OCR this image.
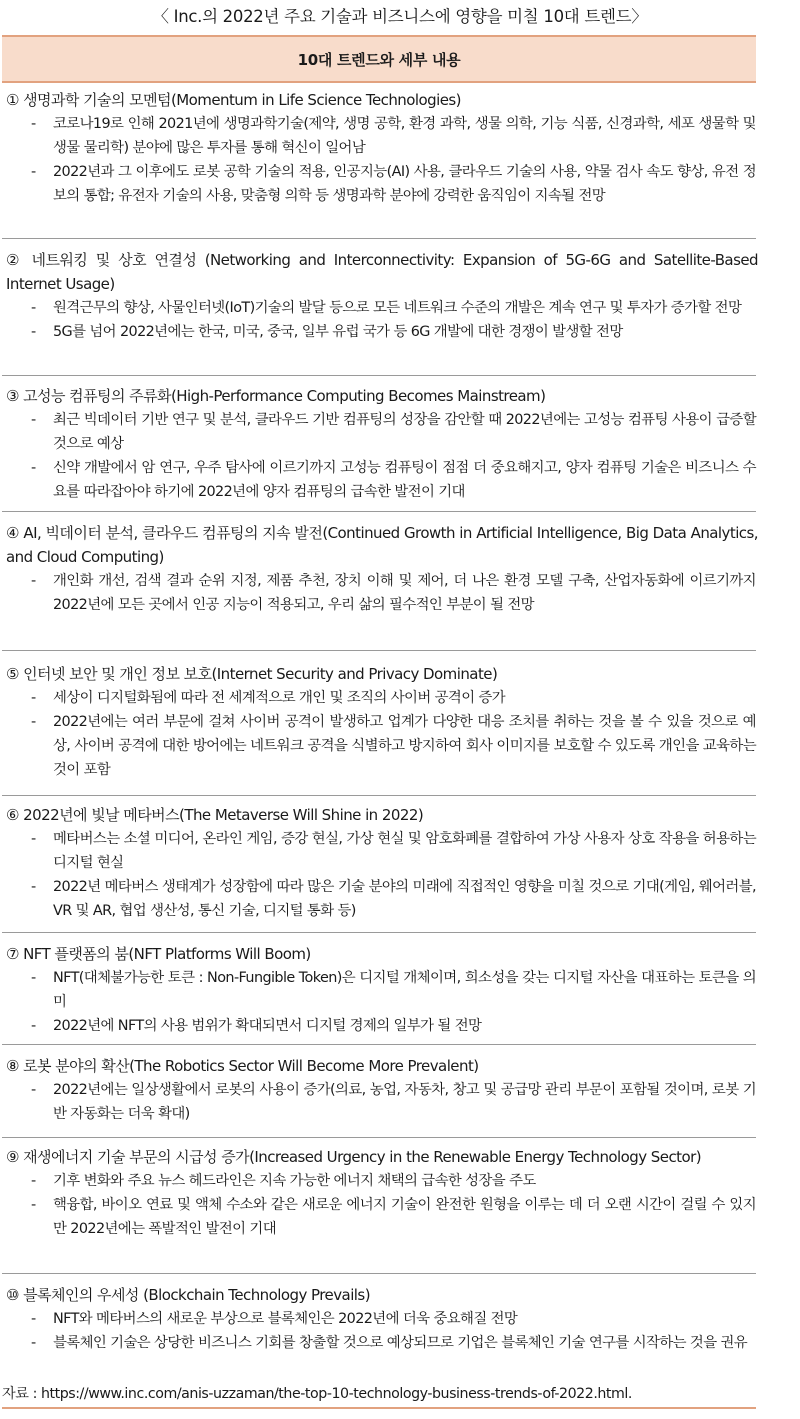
〈 Inc.의 2022년 주요 기술과 비즈니스에 영향을 미칠 10대 트렌드〉
10대 트렌드와 세부 내용
① 생명과학 기술의 모멘텀(Momentum in Life Science Technologies)
- 코로나19로 인해 2021년에 생명과학기술(제약, 생명 공학, 환경 과학, 생물 의학, 기능 식품, 신경과학, 세포 생물학 및 생물 물리학) 분야에 많은 투자를 통해 혁신이 일어남
- 2022년과 그 이후에도 로봇 공학 기술의 적용, 인공지능(AI) 사용, 클라우드 기술의 사용, 약물 검사 속도 향상, 유전 정보의 통합; 유전자 기술의 사용, 맞춤형 의학 등 생명과학 분야에 강력한 움직임이 지속될 전망
② 네트워킹 및 상호 연결성 (Networking and Interconnectivity: Expansion of 5G-6G and Satellite-Based Internet Usage)
- 원격근무의 향상, 사물인터넷(IoT)기술의 발달 등으로 모든 네트워크 수준의 개발은 계속 연구 및 투자가 증가할 전망
- 5G를 넘어 2022년에는 한국, 미국, 중국, 일부 유럽 국가 등 6G 개발에 대한 경쟁이 발생할 전망
③ 고성능 컴퓨팅의 주류화(High-Performance Computing Becomes Mainstream)
- 최근 빅데이터 기반 연구 및 분석, 클라우드 기반 컴퓨팅의 성장을 감안할 때 2022년에는 고성능 컴퓨팅 사용이 급증할 것으로 예상
- 신약 개발에서 암 연구, 우주 탐사에 이르기까지 고성능 컴퓨팅이 점점 더 중요해지고, 양자 컴퓨팅 기술은 비즈니스 수요를 따라잡아야 하기에 2022년에 양자 컴퓨팅의 급속한 발전이 기대
④ AI, 빅데이터 분석, 클라우드 컴퓨팅의 지속 발전(Continued Growth in Artificial Intelligence, Big Data Analytics, and Cloud Computing)
- 개인화 개선, 검색 결과 순위 지정, 제품 추천, 장치 이해 및 제어, 더 나은 환경 모델 구축, 산업자동화에 이르기까지 2022년에 모든 곳에서 인공 지능이 적용되고, 우리 삶의 필수적인 부분이 될 전망
⑤ 인터넷 보안 및 개인 정보 보호(Internet Security and Privacy Dominate)
- 세상이 디지털화됨에 따라 전 세계적으로 개인 및 조직의 사이버 공격이 증가
- 2022년에는 여러 부문에 걸쳐 사이버 공격이 발생하고 업계가 다양한 대응 조치를 취하는 것을 볼 수 있을 것으로 예상, 사이버 공격에 대한 방어에는 네트워크 공격을 식별하고 방지하여 회사 이미지를 보호할 수 있도록 개인을 교육하는 것이 포함
⑥ 2022년에 빛날 메타버스(The Metaverse Will Shine in 2022)
- 메타버스는 소셜 미디어, 온라인 게임, 증강 현실, 가상 현실 및 암호화폐를 결합하여 가상 사용자 상호 작용을 허용하는 디지털 현실
- 2022년 메타버스 생태계가 성장함에 따라 많은 기술 분야의 미래에 직접적인 영향을 미칠 것으로 기대(게임, 웨어러블, VR 및 AR, 협업 생산성, 통신 기술, 디지털 통화 등)
⑦ NFT 플랫폼의 붐(NFT Platforms Will Boom)
- NFT(대체불가능한 토큰 : Non-Fungible Token)은 디지털 개체이며, 희소성을 갖는 디지털 자산을 대표하는 토큰을 의미
- 2022년에 NFT의 사용 범위가 확대되면서 디지털 경제의 일부가 될 전망
⑧ 로봇 분야의 확산(The Robotics Sector Will Become More Prevalent)
- 2022년에는 일상생활에서 로봇의 사용이 증가(의료, 농업, 자동차, 창고 및 공급망 관리 부문이 포함될 것이며, 로봇 기반 자동화는 더욱 확대)
⑨ 재생에너지 기술 부문의 시급성 증가(Increased Urgency in the Renewable Energy Technology Sector)
- 기후 변화와 주요 뉴스 헤드라인은 지속 가능한 에너지 채택의 급속한 성장을 주도
- 핵융합, 바이오 연료 및 액체 수소와 같은 새로운 에너지 기술이 완전한 원형을 이루는 데 더 오랜 시간이 걸릴 수 있지만 2022년에는 폭발적인 발전이 기대
⑩ 블록체인의 우세성 (Blockchain Technology Prevails)
- NFT와 메타버스의 새로운 부상으로 블록체인은 2022년에 더욱 중요해질 전망
- 블록체인 기술은 상당한 비즈니스 기회를 창출할 것으로 예상되므로 기업은 블록체인 기술 연구를 시작하는 것을 권유
자료 : https://www.inc.com/anis-uzzaman/the-top-10-technology-business-trends-of-2022.html.
